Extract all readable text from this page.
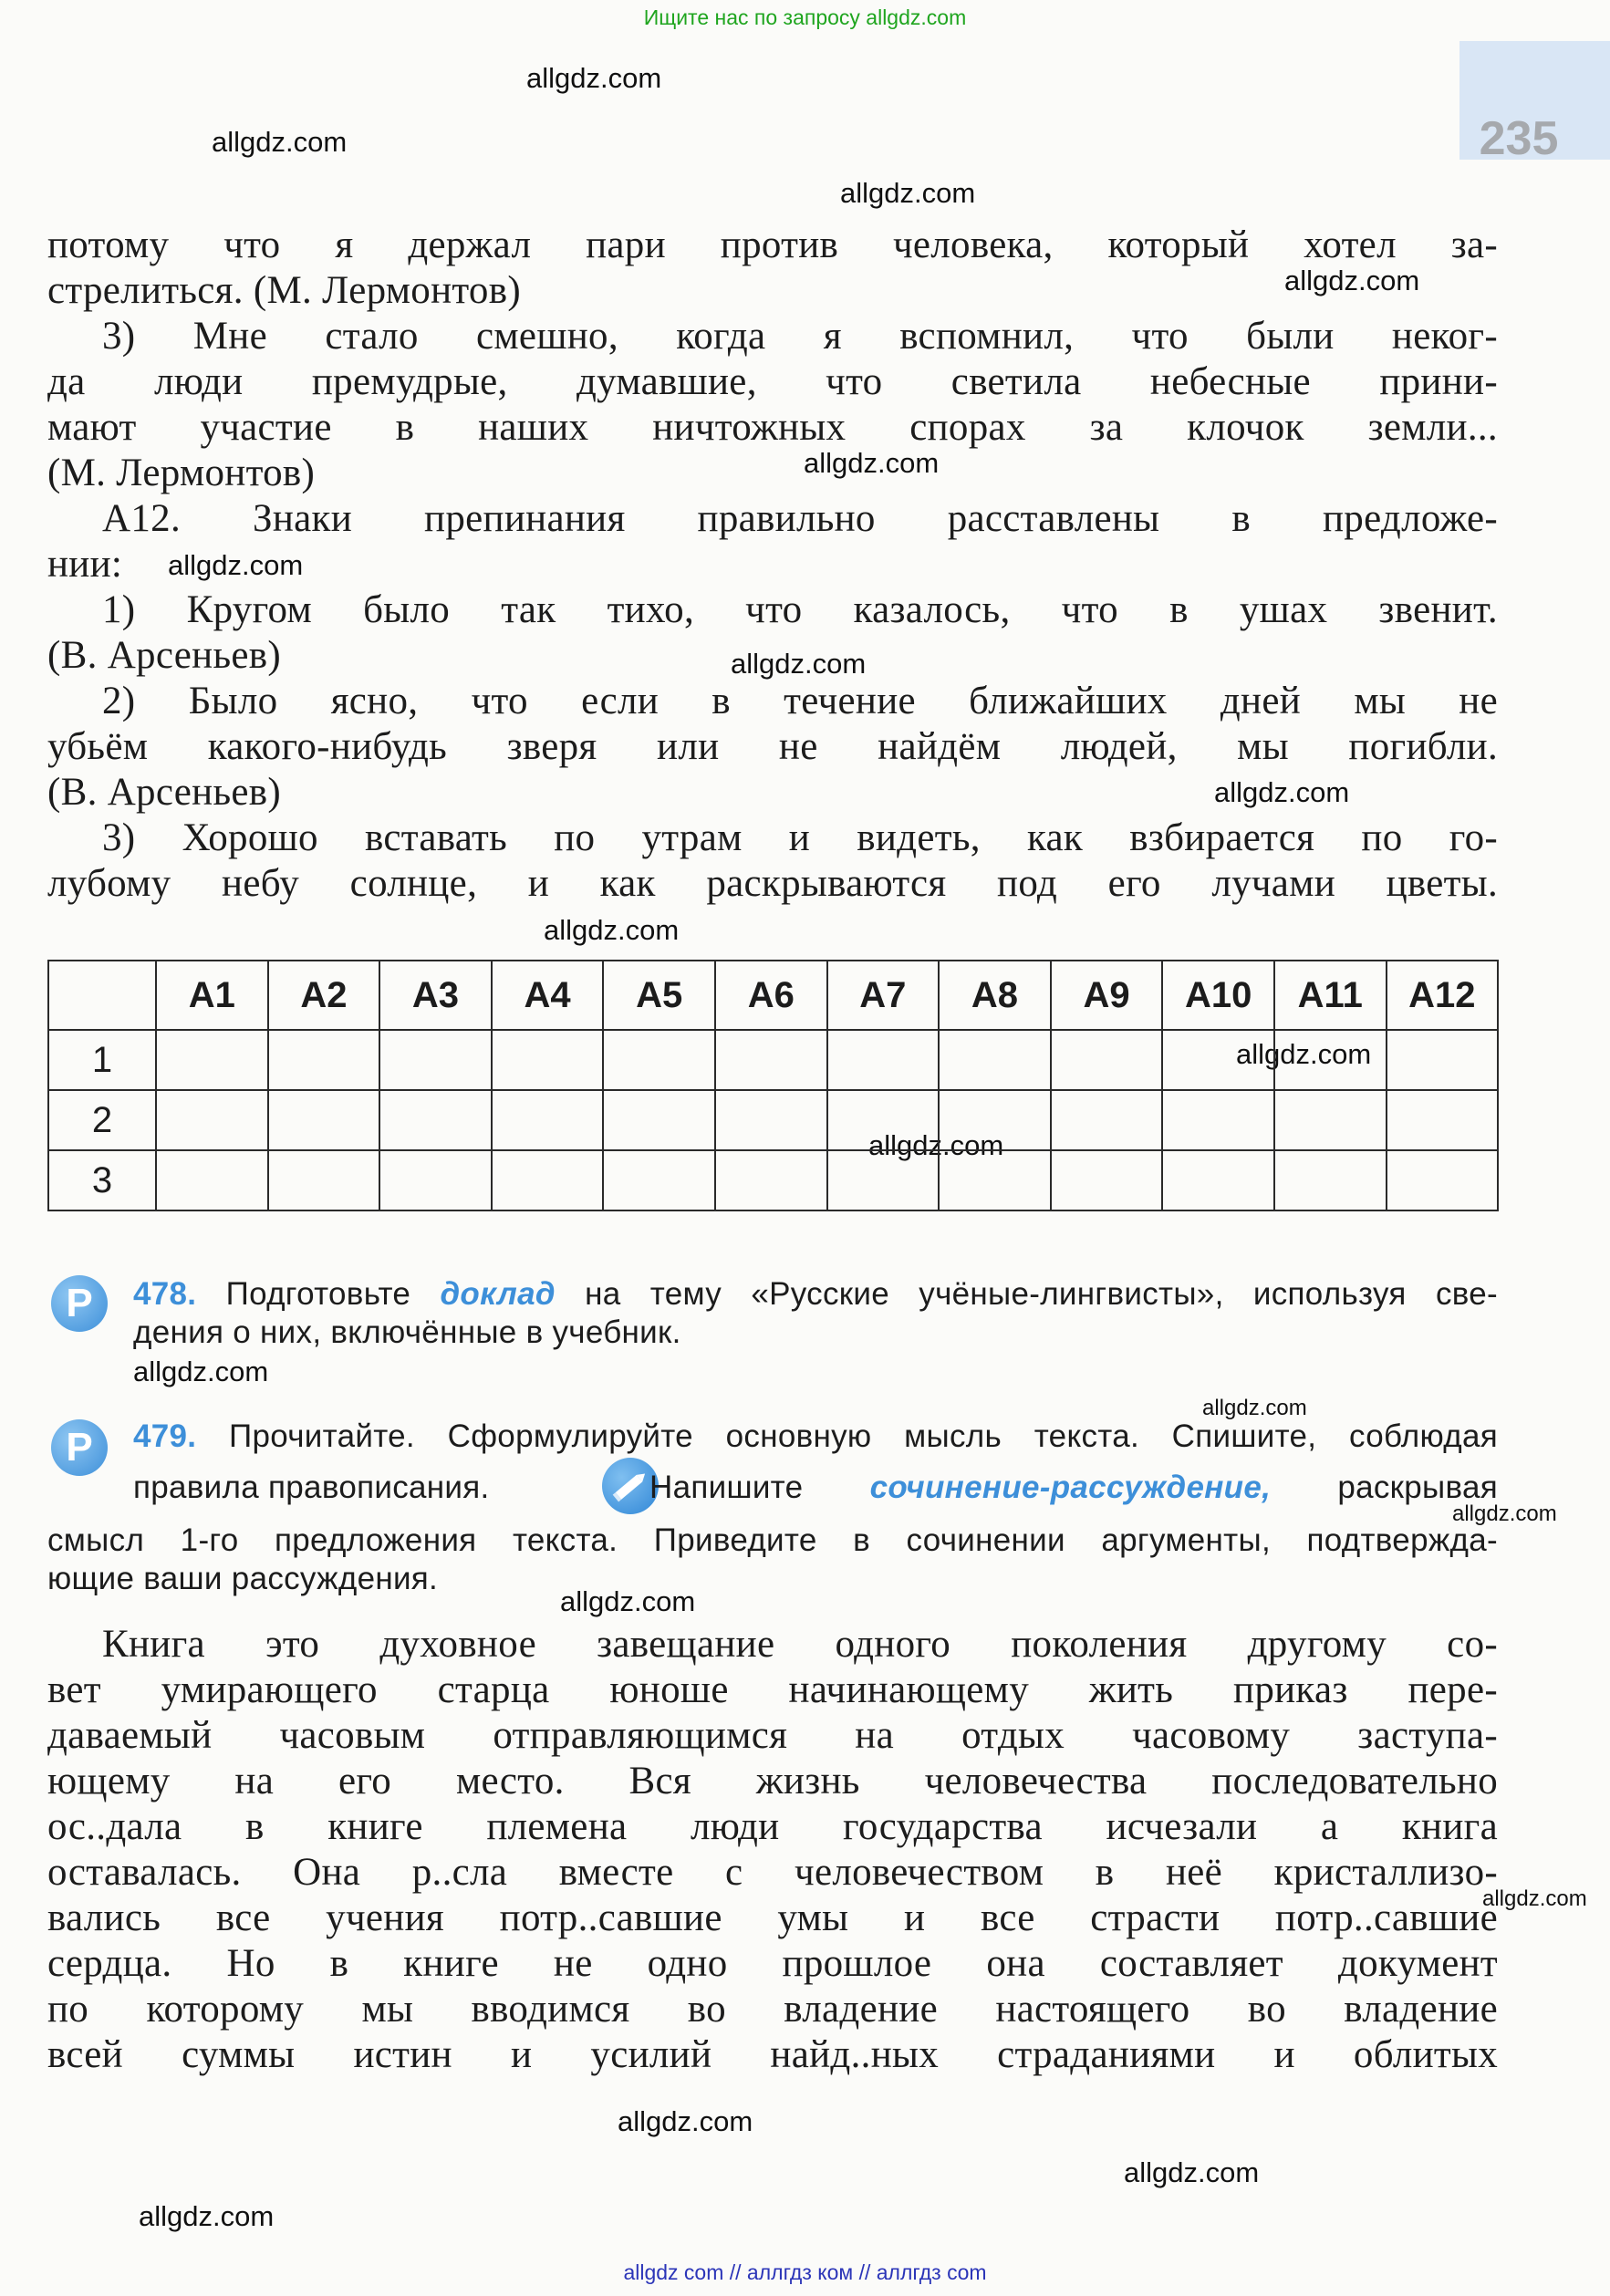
Ищите нас по запросу allgdz.com
235
allgdz.com
allgdz.com
allgdz.com
allgdz.com
allgdz.com
allgdz.com
allgdz.com
allgdz.com
allgdz.com
allgdz.com
allgdz.com
allgdz.com
allgdz.com
allgdz.com
allgdz.com
allgdz.com
allgdz.com
allgdz.com
allgdz.com
потому что я держал пари против человека, который хотел за-
стрелиться. (М. Лермонтов)
3) Мне стало смешно, когда я вспомнил, что были неког-
да люди премудрые, думавшие, что светила небесные прини-
мают участие в наших ничтожных спорах за клочок земли...
(М. Лермонтов)
А12. Знаки препинания правильно расставлены в предложе-
нии:
1) Кругом было так тихо, что казалось, что в ушах звенит.
(В. Арсеньев)
2) Было ясно, что если в течение ближайших дней мы не
убьём какого-нибудь зверя или не найдём людей, мы погибли.
(В. Арсеньев)
3) Хорошо вставать по утрам и видеть, как взбирается по го-
лубому небу солнце, и как раскрываются под его лучами цветы.
	А1	А2	А3	А4	А5	А6	А7	А8	А9	А10	А11	А12
1												
2												
3												
Р	478. Подготовьте доклад на тему «Русские учёные-лингвисты», используя све-
дения о них, включённые в учебник.
Р	479. Прочитайте. Сформулируйте основную мысль текста. Спишите, соблюдая
правила правописания.	Напишите сочинение-рассуждение, раскрывая
смысл 1-го предложения текста. Приведите в сочинении аргументы, подтвержда-
ющие ваши рассуждения.
Книга это духовное завещание одного поколения другому со-
вет умирающего старца юноше начинающему жить приказ пере-
даваемый часовым отправляющимся на отдых часовому заступа-
ющему на его место. Вся жизнь человечества последовательно
ос..дала в книге племена люди государства исчезали а книга
оставалась. Она р..сла вместе с человечеством в неё кристаллизо-
вались все учения потр..савшие умы и все страсти потр..савшие
сердца. Но в книге не одно прошлое она составляет документ
по которому мы вводимся во владение настоящего во владение
всей суммы истин и усилий найд..ных страданиями и облитых
allgdz com // аллгдз ком // аллгдз com
